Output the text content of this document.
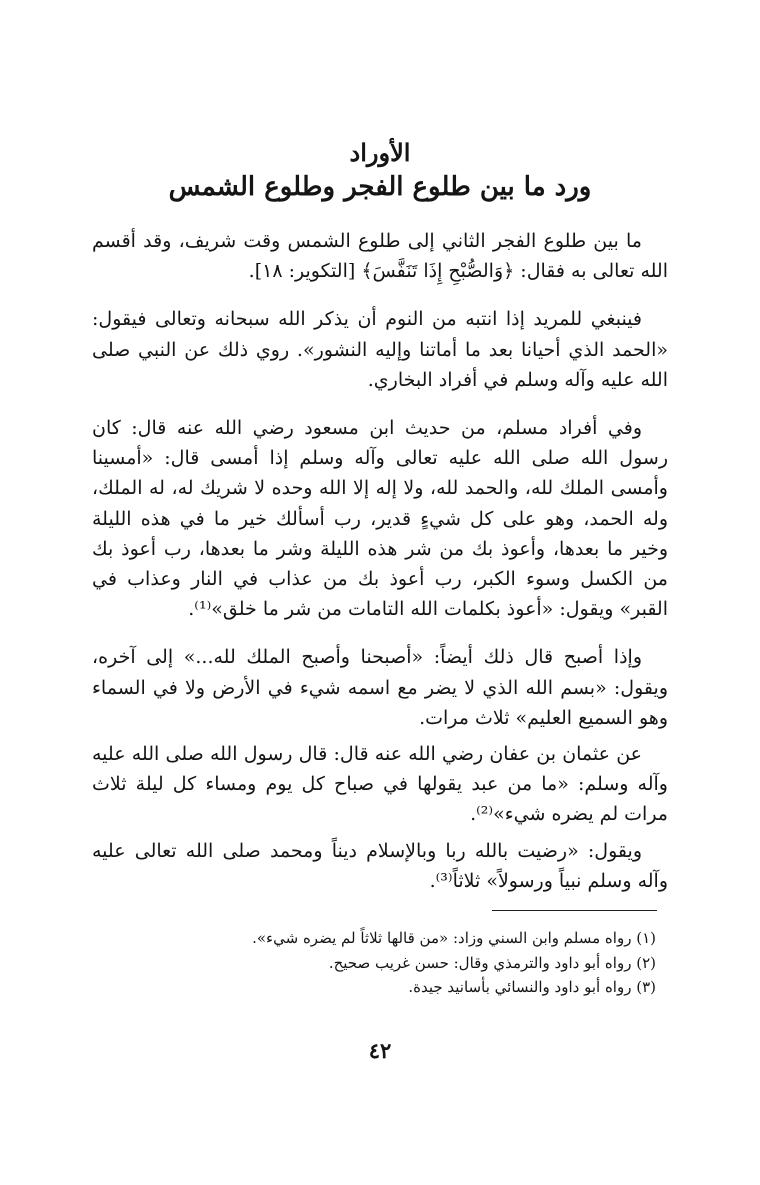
الأوراد
ورد ما بين طلوع الفجر وطلوع الشمس

ما بين طلوع الفجر الثاني إلى طلوع الشمس وقت شريف، وقد أقسم الله تعالى به فقال: ﴿وَالصُّبْحِ إِذَا تَنَفَّسَ﴾ [التكوير: ١٨].

فينبغي للمريد إذا انتبه من النوم أن يذكر الله سبحانه وتعالى فيقول: «الحمد الذي أحيانا بعد ما أماتنا وإليه النشور». روي ذلك عن النبي صلى الله عليه وآله وسلم في أفراد البخاري.

وفي أفراد مسلم، من حديث ابن مسعود رضي الله عنه قال: كان رسول الله صلى الله عليه تعالى وآله وسلم إذا أمسى قال: «أمسينا وأمسى الملك لله، والحمد لله، ولا إله إلا الله وحده لا شريك له، له الملك، وله الحمد، وهو على كل شيءٍ قدير، رب أسألك خير ما في هذه الليلة وخير ما بعدها، وأعوذ بك من شر هذه الليلة وشر ما بعدها، رب أعوذ بك من الكسل وسوء الكبر، رب أعوذ بك من عذاب في النار وعذاب في القبر» ويقول: «أعوذ بكلمات الله التامات من شر ما خلق»⁽¹⁾.

وإذا أصبح قال ذلك أيضاً: «أصبحنا وأصبح الملك لله...» إلى آخره، ويقول: «بسم الله الذي لا يضر مع اسمه شيء في الأرض ولا في السماء وهو السميع العليم» ثلاث مرات.

عن عثمان بن عفان رضي الله عنه قال: قال رسول الله صلى الله عليه وآله وسلم: «ما من عبد يقولها في صباح كل يوم ومساء كل ليلة ثلاث مرات لم يضره شيء»⁽²⁾.

ويقول: «رضيت بالله ربا وبالإسلام ديناً ومحمد صلى الله تعالى عليه وآله وسلم نبياً ورسولاً» ثلاثاً⁽³⁾.

(١) رواه مسلم وابن السني وزاد: «من قالها ثلاثاً لم يضره شيء».
(٢) رواه أبو داود والترمذي وقال: حسن غريب صحيح.
(٣) رواه أبو داود والنسائي بأسانيد جيدة.
٤٢
